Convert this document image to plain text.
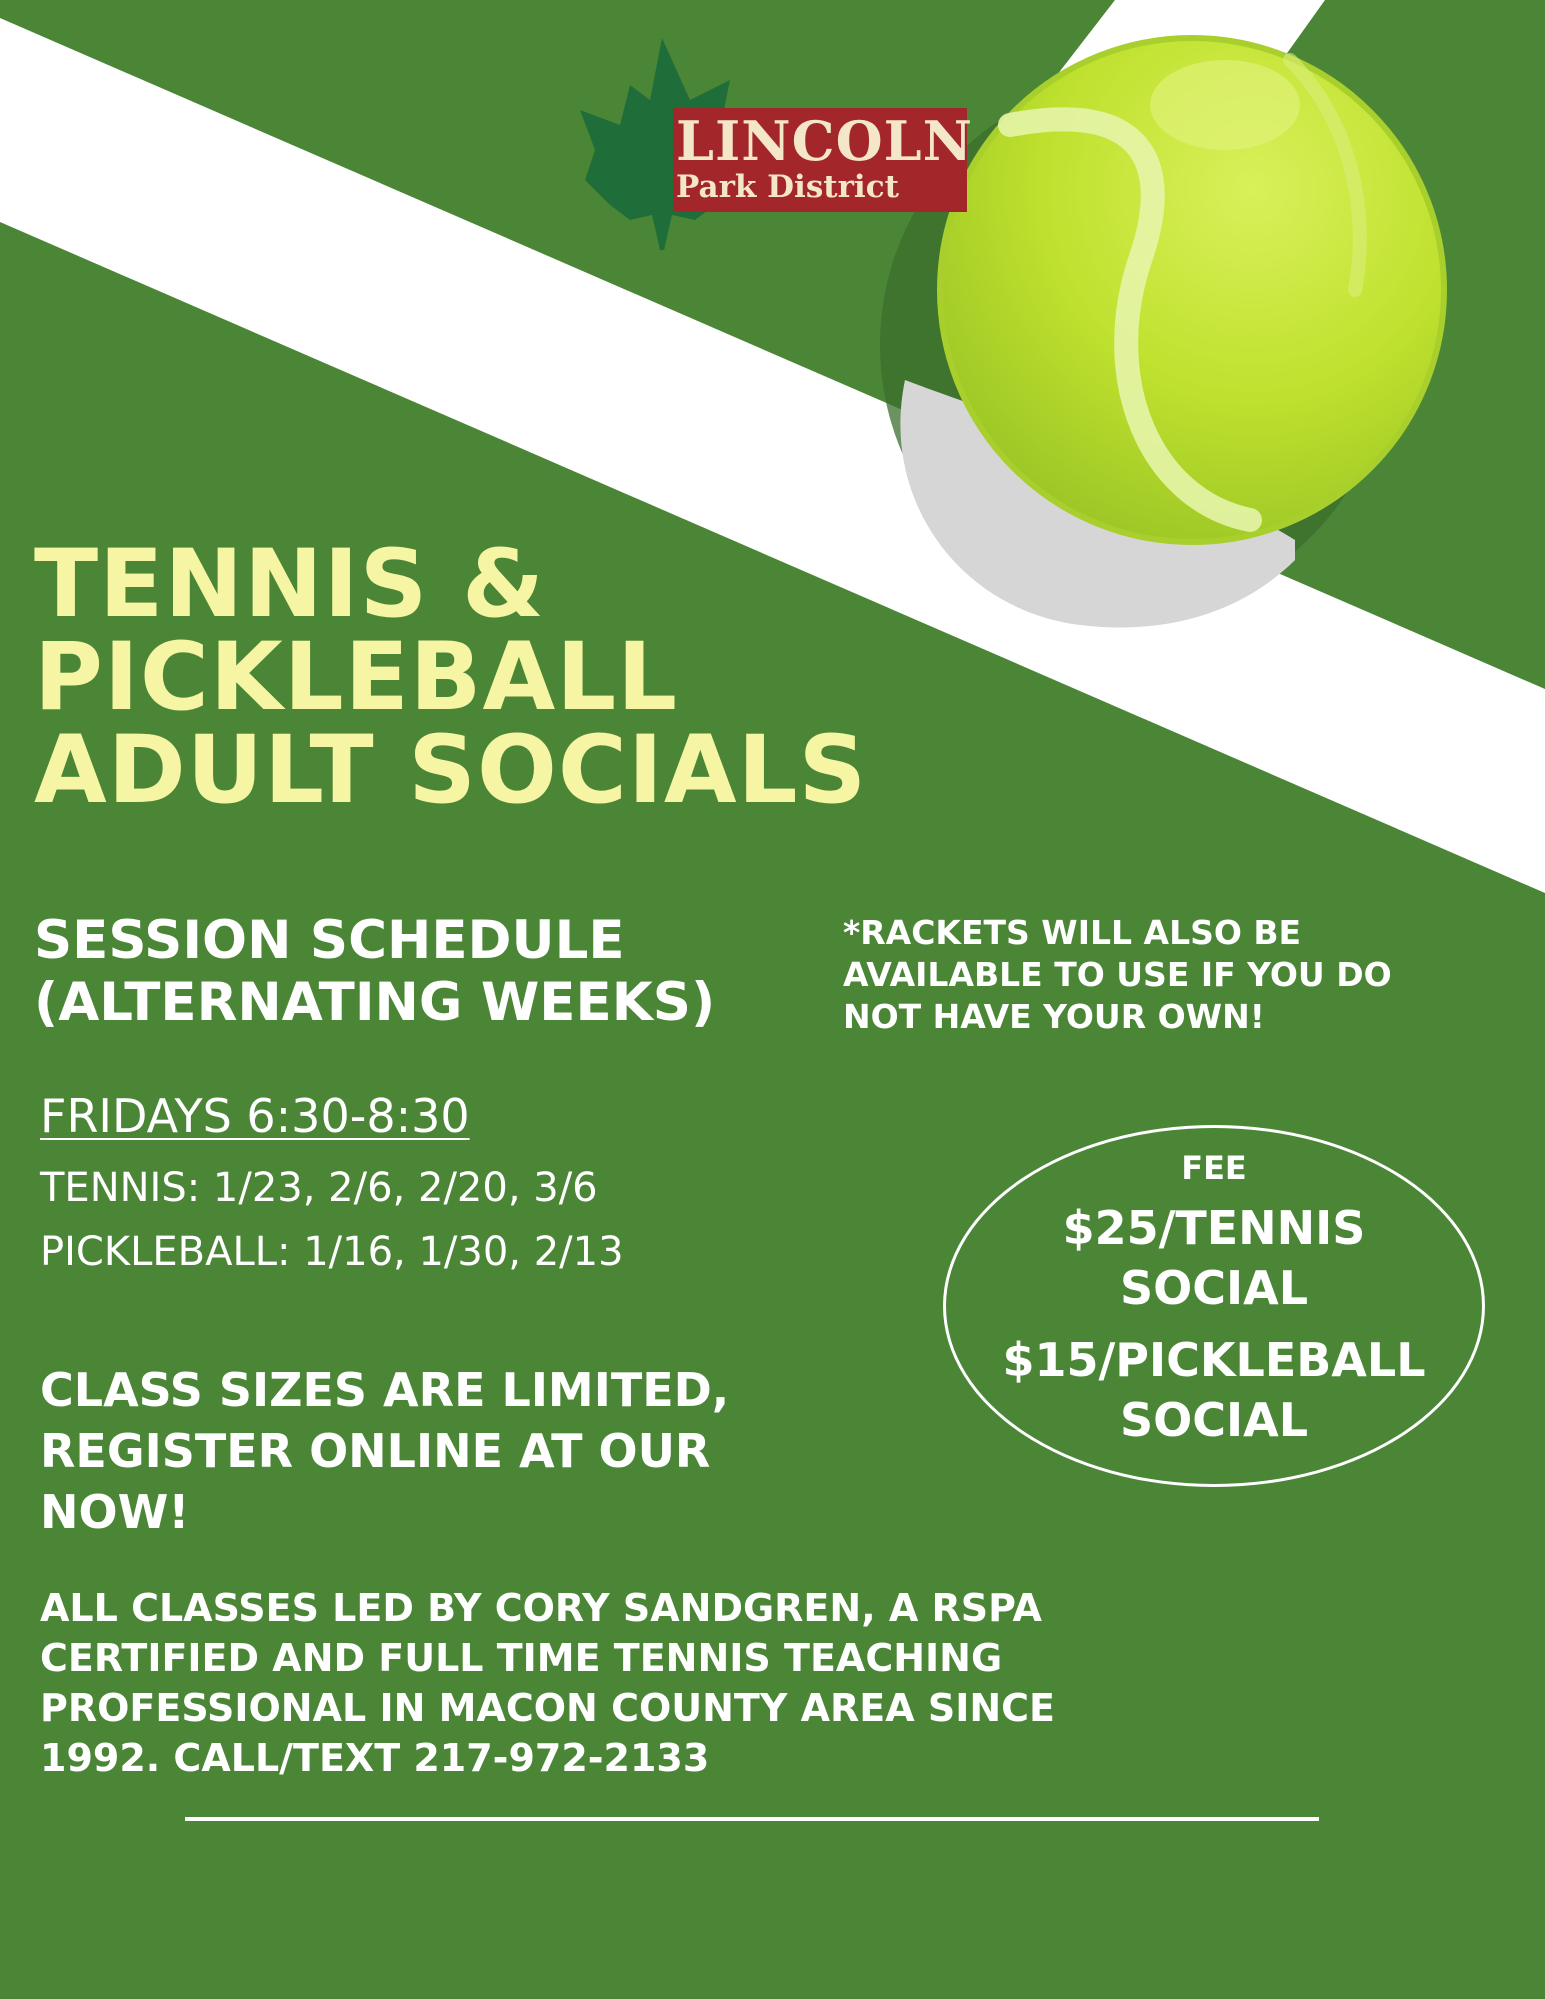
LINCOLN
Park District
TENNIS &
PICKLEBALL
ADULT SOCIALS
SESSION SCHEDULE
(ALTERNATING WEEKS)
*RACKETS WILL ALSO BE
AVAILABLE TO USE IF YOU DO
NOT HAVE YOUR OWN!
FRIDAYS 6:30-8:30
TENNIS: 1/23, 2/6, 2/20, 3/6
PICKLEBALL: 1/16, 1/30, 2/13
FEE
$25/TENNIS
SOCIAL
$15/PICKLEBALL
SOCIAL
CLASS SIZES ARE LIMITED,
REGISTER ONLINE AT OUR
NOW!
ALL CLASSES LED BY CORY SANDGREN, A RSPA
CERTIFIED AND FULL TIME TENNIS TEACHING
PROFESSIONAL IN MACON COUNTY AREA SINCE
1992. CALL/TEXT 217-972-2133
